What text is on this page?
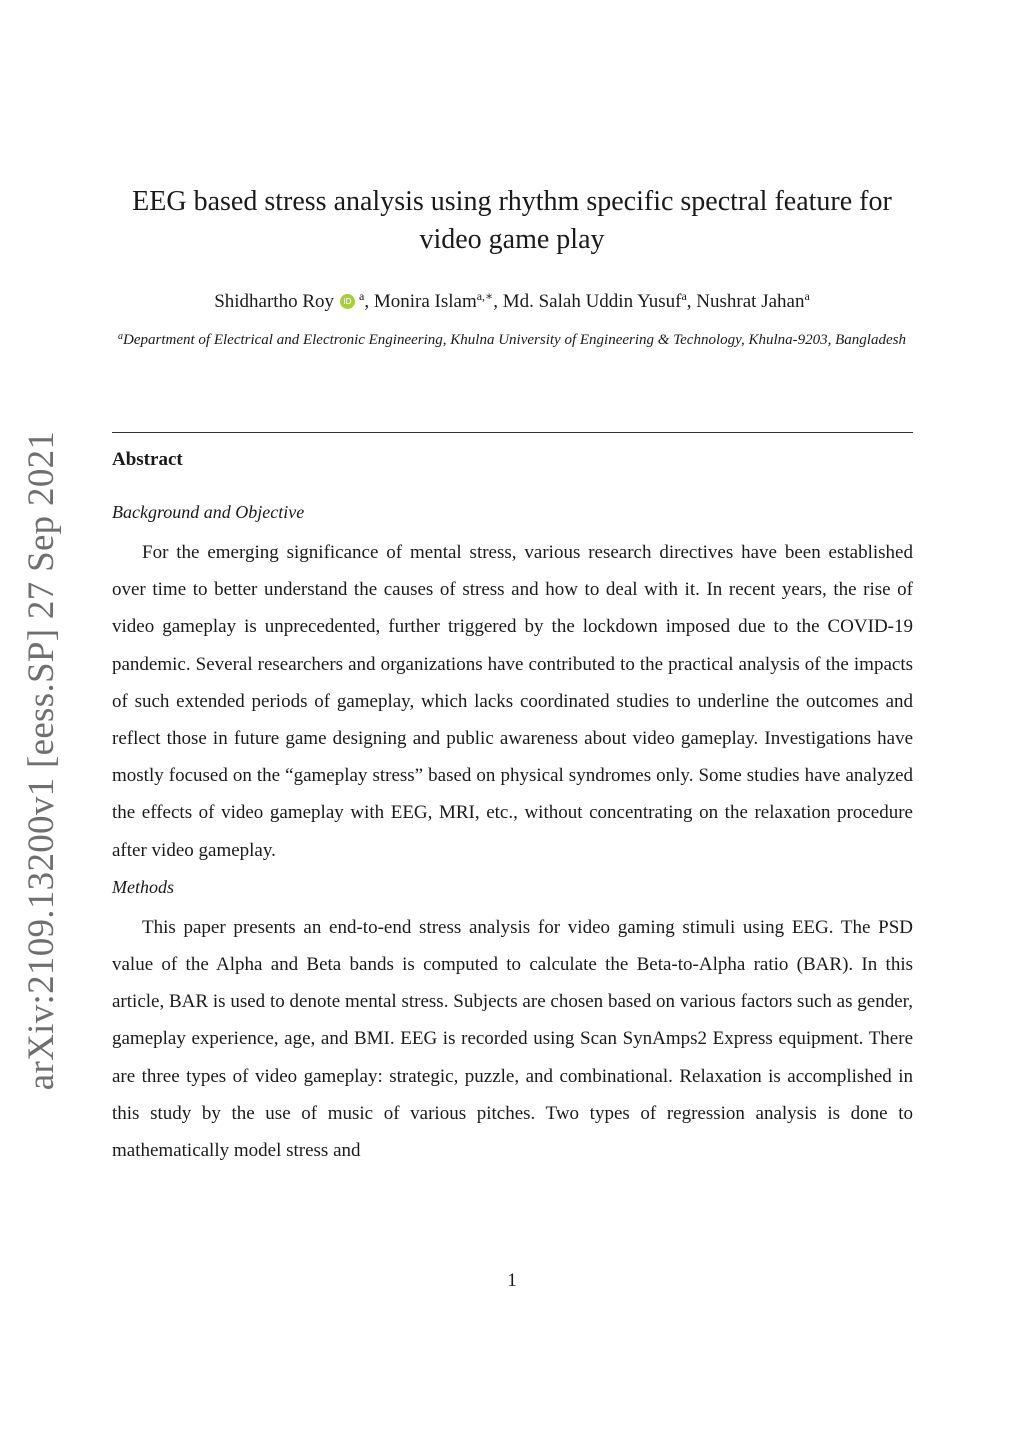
arXiv:2109.13200v1 [eess.SP] 27 Sep 2021
EEG based stress analysis using rhythm specific spectral feature for video game play
Shidhartho Roy iD $^a$, Monira Islam$^{a,∗}$, Md. Salah Uddin Yusuf$^a$, Nushrat Jahan$^a$
$^a$Department of Electrical and Electronic Engineering, Khulna University of Engineering & Technology, Khulna-9203, Bangladesh
Abstract
Background and Objective

For the emerging significance of mental stress, various research directives have been established over time to better understand the causes of stress and how to deal with it. In recent years, the rise of video gameplay is unprecedented, further triggered by the lockdown imposed due to the COVID-19 pandemic. Several researchers and organizations have contributed to the practical analysis of the impacts of such extended periods of gameplay, which lacks coordinated studies to underline the outcomes and reflect those in future game designing and public awareness about video gameplay. Investigations have mostly focused on the “gameplay stress” based on physical syndromes only. Some studies have analyzed the effects of video gameplay with EEG, MRI, etc., without concentrating on the relaxation procedure after video gameplay.

Methods

This paper presents an end-to-end stress analysis for video gaming stimuli using EEG. The PSD value of the Alpha and Beta bands is computed to calculate the Beta-to-Alpha ratio (BAR). In this article, BAR is used to denote mental stress. Subjects are chosen based on various factors such as gender, gameplay experience, age, and BMI. EEG is recorded using Scan SynAmps2 Express equipment. There are three types of video gameplay: strategic, puzzle, and combinational. Relaxation is accomplished in this study by the use of music of various pitches. Two types of regression analysis is done to mathematically model stress and

1
